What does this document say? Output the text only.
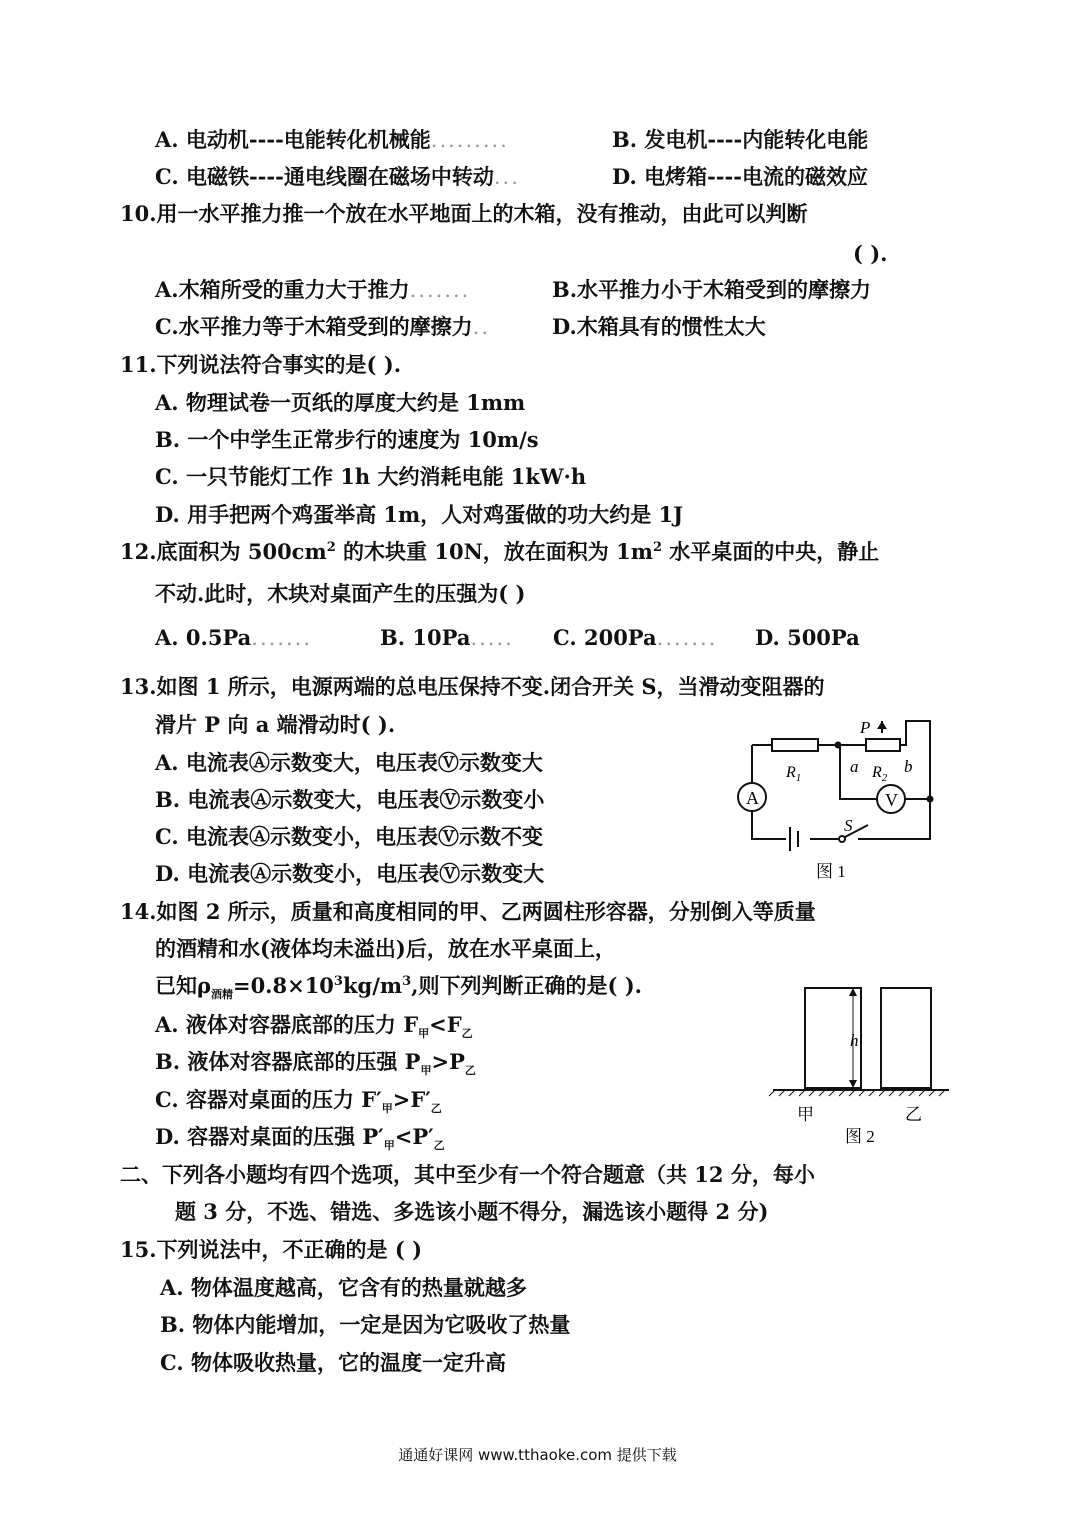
A. 电动机----电能转化机械能.........	B. 发电机----内能转化电能
C. 电磁铁----通电线圈在磁场中转动...	D. 电烤箱----电流的磁效应
10.用一水平推力推一个放在水平地面上的木箱，没有推动，由此可以判断
( ).
A.木箱所受的重力大于推力.......	B.水平推力小于木箱受到的摩擦力
C.水平推力等于木箱受到的摩擦力..	D.木箱具有的惯性太大
11.下列说法符合事实的是( ).
A. 物理试卷一页纸的厚度大约是 1mm
B. 一个中学生正常步行的速度为 10m/s
C. 一只节能灯工作 1h 大约消耗电能 1kW·h
D. 用手把两个鸡蛋举高 1m，人对鸡蛋做的功大约是 1J
12.底面积为 $500cm^2$ 的木块重 10N，放在面积为 $1m^2$ 水平桌面的中央，静止
不动.此时，木块对桌面产生的压强为( )
A. 0.5Pa.......	B. 10Pa..... C. 200Pa....... D. 500Pa
13.如图 1 所示，电源两端的总电压保持不变.闭合开关 S，当滑动变阻器的
滑片 P 向 a 端滑动时( ).
A. 电流表Ⓐ示数变大，电压表Ⓥ示数变大
B. 电流表Ⓐ示数变大，电压表Ⓥ示数变小
C. 电流表Ⓐ示数变小，电压表Ⓥ示数不变
D. 电流表Ⓐ示数变小，电压表Ⓥ示数变大
A	V
P
$R_1$	$R_2$
a	b
S
图 1
14.如图 2 所示，质量和高度相同的甲、乙两圆柱形容器，分别倒入等质量
的酒精和水(液体均未溢出)后，放在水平桌面上，
已知$\rho_{酒精}=0.8\times 10^3kg/m^3$,则下列判断正确的是( ).
A. 液体对容器底部的压力 $F_甲<F_乙$
B. 液体对容器底部的压强 $P_甲>P_乙$
C. 容器对桌面的压力 $F'_甲>F'_乙$
D. 容器对桌面的压强 $P'_甲<P'_乙$
h
甲	乙
图 2
二、下列各小题均有四个选项，其中至少有一个符合题意（共 12 分，每小
题 3 分，不选、错选、多选该小题不得分，漏选该小题得 2 分)
15.下列说法中，不正确的是 ( )
A. 物体温度越高，它含有的热量就越多
B. 物体内能增加，一定是因为它吸收了热量
C. 物体吸收热量，它的温度一定升高
通通好课网 www.tthaoke.com 提供下载
